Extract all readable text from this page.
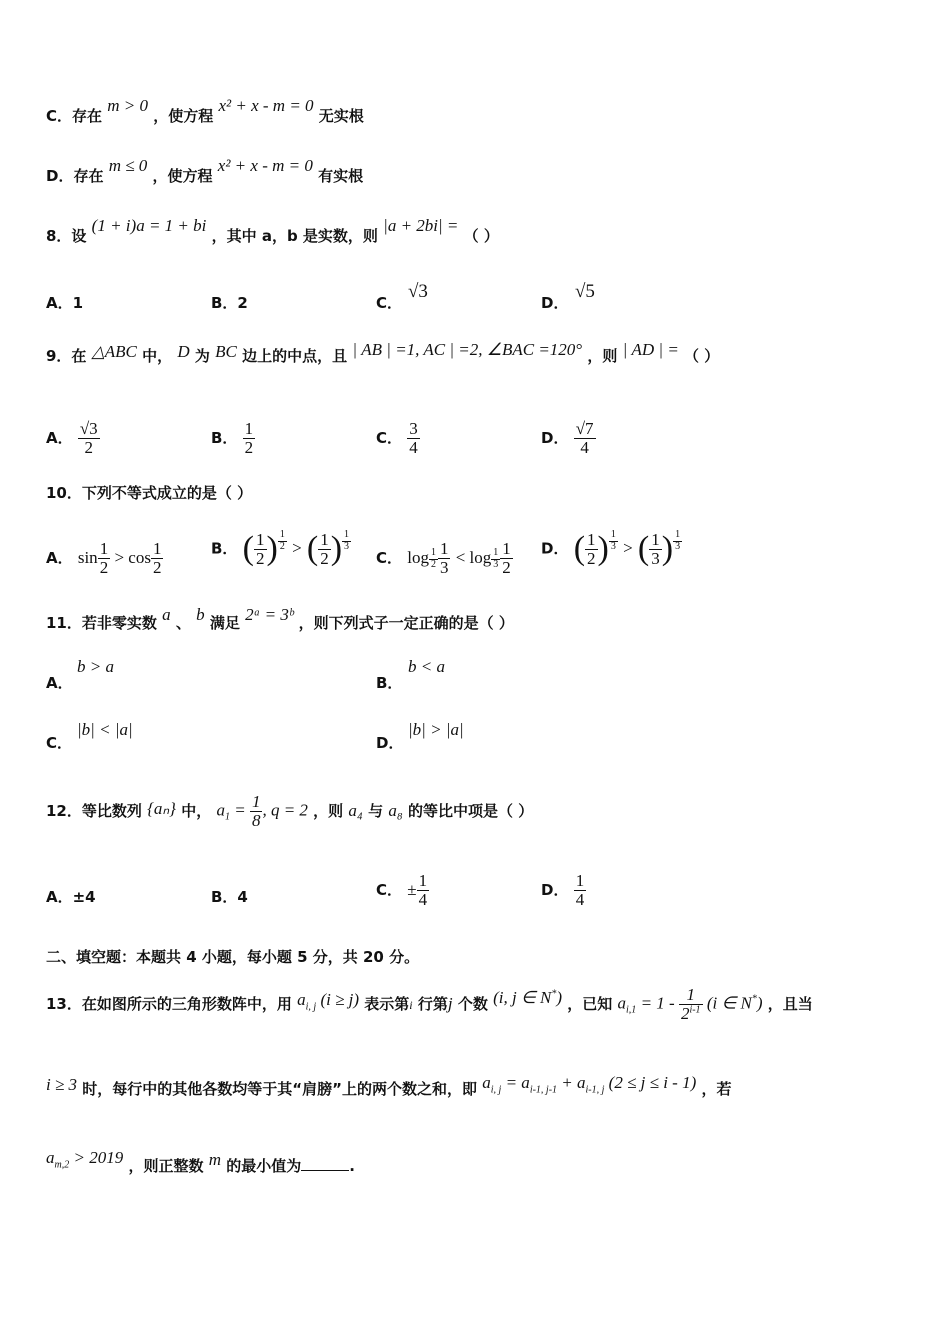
C．存在 m > 0 ，使方程 x² + x - m = 0 无实根
D．存在 m ≤ 0 ，使方程 x² + x - m = 0 有实根
8．设 (1 + i)a = 1 + bi ，其中 a，b 是实数，则 |a + 2bi| = （ ）
A．1	B．2	C．
√3
D．
√5
9．在 △ABC 中， D 为 BC 边上的中点，且 | AB | =1, AC | =2, ∠BAC =120° ，则 | AD | = （ ）
A． $\frac{√3}{2}$	B． $\frac{1}{2}$	C． $\frac{3}{4}$	D． $\frac{√7}{4}$
10．下列不等式成立的是（ ）
A． $\sin \frac{1}{2} > \cos \frac{1}{2}$	B． ( $\frac{1}{2}$ ) $\frac{1}{2}$ > ( $\frac{1}{2}$ ) $\frac{1}{3}$
C． $\log \frac{1}{2} \frac{1}{3} < \log \frac{1}{3} \frac{1}{2}$ D． ( $\frac{1}{2}$ ) $\frac{1}{3}$ > ( $\frac{1}{3}$ ) $\frac{1}{3}$
11．若非零实数 a 、 b 满足 2ᵃ = 3ᵇ ，则下列式子一定正确的是（ ）
A．
b > a
B．
b < a
C．
|b| < |a|
D．
|b| > |a|
12．等比数列 {aₙ} 中， $a_1 = \frac{1}{8}$ , q = 2 ，则 a₄ 与 a₈ 的等比中项是（ ）
A．±4	B．4	C． ± $\frac{1}{4}$	D． $\frac{1}{4}$
二、填空题：本题共 4 小题，每小题 5 分，共 20 分。
13．在如图所示的三角形数阵中，用 $a_{i, j}$ (i ≥ j) 表示第i 行第j 个数 (i, j ∈ N*) ，已知 $a_{i,1} = 1 - \frac{1}{2^{i-1}} (i$ ∈ N*) ，且当
i ≥ 3 时，每行中的其他各数均等于其“肩膀”上的两个数之和，即 $a_{i, j} = a_{i-1, j-1} + a_{i-1, j}$ (2 ≤ j ≤ i - 1) ，若
$a_{m,2} > 2019$ ，则正整数 m 的最小值为	.
